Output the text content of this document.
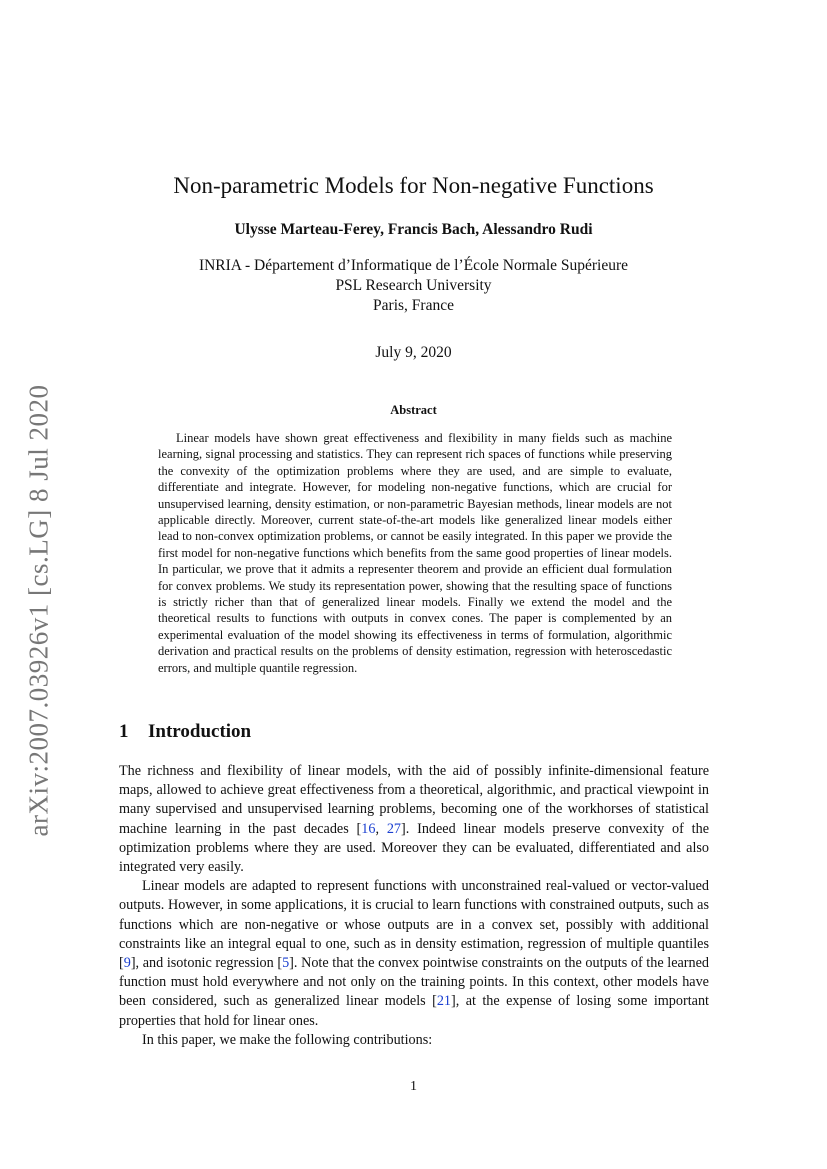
arXiv:2007.03926v1 [cs.LG] 8 Jul 2020
Non-parametric Models for Non-negative Functions
Ulysse Marteau-Ferey, Francis Bach, Alessandro Rudi
INRIA - Département d’Informatique de l’École Normale Supérieure
PSL Research University
Paris, France
July 9, 2020
Abstract

Linear models have shown great effectiveness and flexibility in many fields such as machine learning, signal processing and statistics. They can represent rich spaces of functions while preserving the convexity of the optimization problems where they are used, and are simple to evaluate, differentiate and integrate. However, for modeling non-negative functions, which are crucial for unsupervised learning, density estimation, or non-parametric Bayesian methods, linear models are not applicable directly. Moreover, current state-of-the-art models like generalized linear models either lead to non-convex optimization problems, or cannot be easily integrated. In this paper we provide the first model for non-negative functions which benefits from the same good properties of linear models. In particular, we prove that it admits a representer theorem and provide an efficient dual formulation for convex problems. We study its representation power, showing that the resulting space of functions is strictly richer than that of generalized linear models. Finally we extend the model and the theoretical results to functions with outputs in convex cones. The paper is complemented by an experimental evaluation of the model showing its effectiveness in terms of formulation, algorithmic derivation and practical results on the problems of density estimation, regression with heteroscedastic errors, and multiple quantile regression.

1 Introduction

The richness and flexibility of linear models, with the aid of possibly infinite-dimensional feature maps, allowed to achieve great effectiveness from a theoretical, algorithmic, and practical viewpoint in many supervised and unsupervised learning problems, becoming one of the workhorses of statistical machine learning in the past decades [16, 27]. Indeed linear models preserve convexity of the optimization problems where they are used. Moreover they can be evaluated, differentiated and also integrated very easily.

Linear models are adapted to represent functions with unconstrained real-valued or vector-valued outputs. However, in some applications, it is crucial to learn functions with constrained outputs, such as functions which are non-negative or whose outputs are in a convex set, possibly with additional constraints like an integral equal to one, such as in density estimation, regression of multiple quantiles [9], and isotonic regression [5]. Note that the convex pointwise constraints on the outputs of the learned function must hold everywhere and not only on the training points. In this context, other models have been considered, such as generalized linear models [21], at the expense of losing some important properties that hold for linear ones.

In this paper, we make the following contributions:

1
